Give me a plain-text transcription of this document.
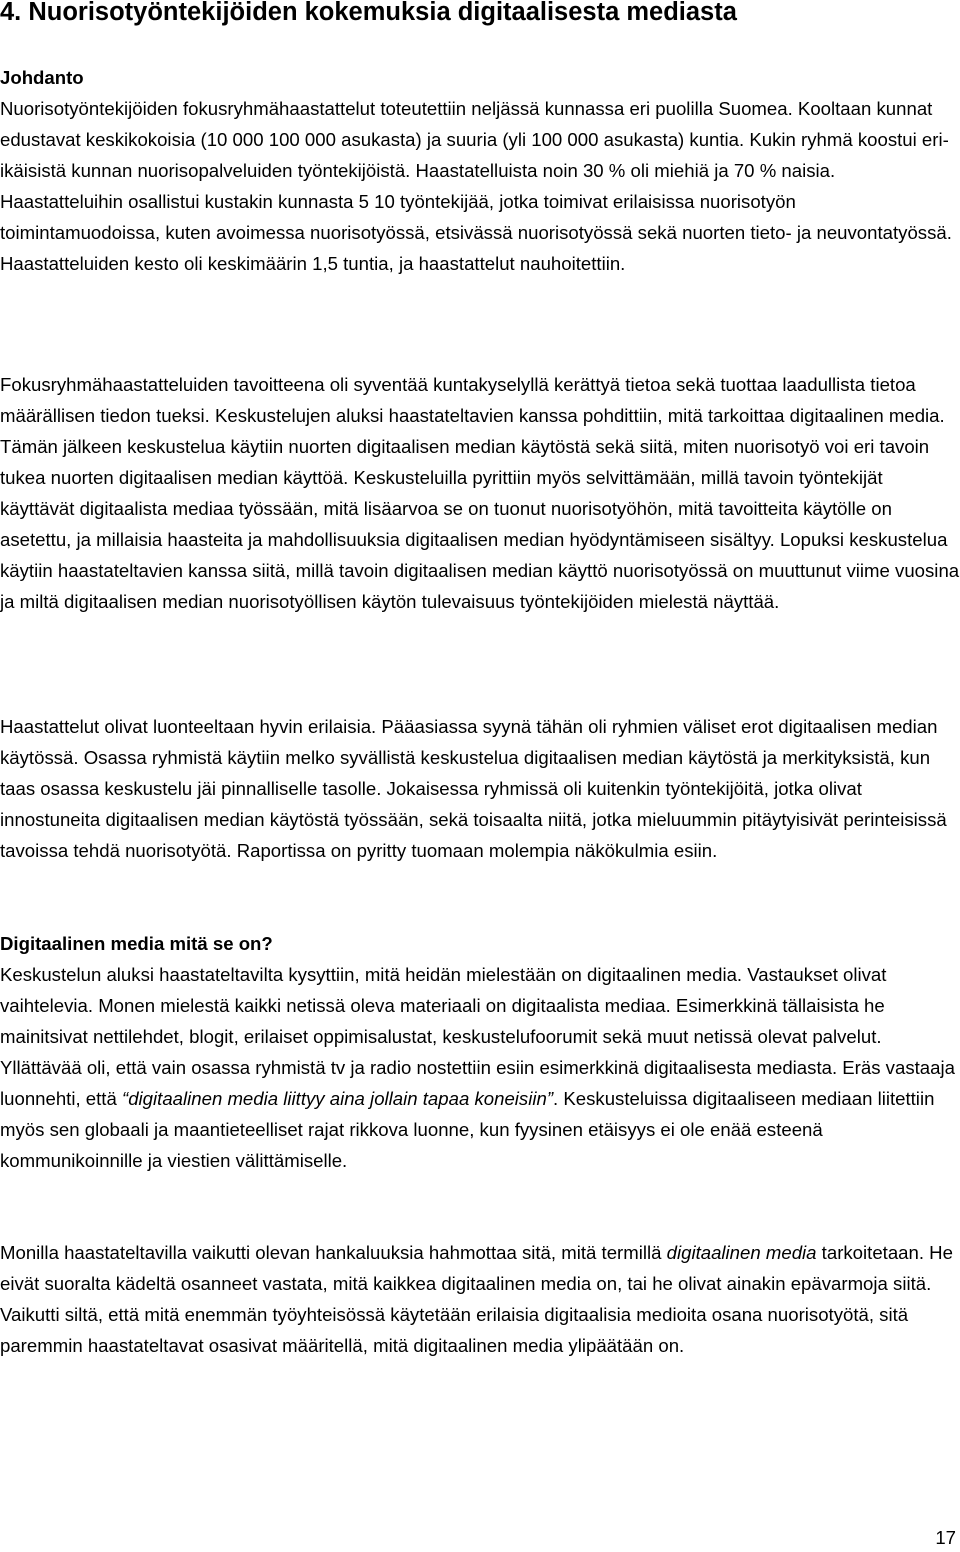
4. Nuorisotyöntekijöiden kokemuksia digitaalisesta mediasta
Johdanto

Nuorisotyöntekijöiden fokusryhmähaastattelut toteutettiin neljässä kunnassa eri puolilla Suomea. Kooltaan kunnat edustavat keskikokoisia (10 000 100 000 asukasta) ja suuria (yli 100 000 asukasta) kuntia. Kukin ryhmä koostui eri-ikäisistä kunnan nuorisopalveluiden työntekijöistä. Haastatelluista noin 30 % oli miehiä ja 70 % naisia. Haastatteluihin osallistui kustakin kunnasta 5 10 työntekijää, jotka toimivat erilaisissa nuorisotyön toimintamuodoissa, kuten avoimessa nuorisotyössä, etsivässä nuorisotyössä sekä nuorten tieto- ja neuvontatyössä. Haastatteluiden kesto oli keskimäärin 1,5 tuntia, ja haastattelut nauhoitettiin.

Fokusryhmähaastatteluiden tavoitteena oli syventää kuntakyselyllä kerättyä tietoa sekä tuottaa laadullista tietoa määrällisen tiedon tueksi. Keskustelujen aluksi haastateltavien kanssa pohdittiin, mitä tarkoittaa digitaalinen media. Tämän jälkeen keskustelua käytiin nuorten digitaalisen median käytöstä sekä siitä, miten nuorisotyö voi eri tavoin tukea nuorten digitaalisen median käyttöä. Keskusteluilla pyrittiin myös selvittämään, millä tavoin työntekijät käyttävät digitaalista mediaa työssään, mitä lisäarvoa se on tuonut nuorisotyöhön, mitä tavoitteita käytölle on asetettu, ja millaisia haasteita ja mahdollisuuksia digitaalisen median hyödyntämiseen sisältyy. Lopuksi keskustelua käytiin haastateltavien kanssa siitä, millä tavoin digitaalisen median käyttö nuorisotyössä on muuttunut viime vuosina ja miltä digitaalisen median nuorisotyöllisen käytön tulevaisuus työntekijöiden mielestä näyttää.

Haastattelut olivat luonteeltaan hyvin erilaisia. Pääasiassa syynä tähän oli ryhmien väliset erot digitaalisen median käytössä. Osassa ryhmistä käytiin melko syvällistä keskustelua digitaalisen median käytöstä ja merkityksistä, kun taas osassa keskustelu jäi pinnalliselle tasolle. Jokaisessa ryhmissä oli kuitenkin työntekijöitä, jotka olivat innostuneita digitaalisen median käytöstä työssään, sekä toisaalta niitä, jotka mieluummin pitäytyisivät perinteisissä tavoissa tehdä nuorisotyötä. Raportissa on pyritty tuomaan molempia näkökulmia esiin.

Digitaalinen media mitä se on?

Keskustelun aluksi haastateltavilta kysyttiin, mitä heidän mielestään on digitaalinen media. Vastaukset olivat vaihtelevia. Monen mielestä kaikki netissä oleva materiaali on digitaalista mediaa. Esimerkkinä tällaisista he mainitsivat nettilehdet, blogit, erilaiset oppimisalustat, keskustelufoorumit sekä muut netissä olevat palvelut. Yllättävää oli, että vain osassa ryhmistä tv ja radio nostettiin esiin esimerkkinä digitaalisesta mediasta. Eräs vastaaja luonnehti, että “digitaalinen media liittyy aina jollain tapaa koneisiin”. Keskusteluissa digitaaliseen mediaan liitettiin myös sen globaali ja maantieteelliset rajat rikkova luonne, kun fyysinen etäisyys ei ole enää esteenä kommunikoinnille ja viestien välittämiselle.

Monilla haastateltavilla vaikutti olevan hankaluuksia hahmottaa sitä, mitä termillä digitaalinen media tarkoitetaan. He eivät suoralta kädeltä osanneet vastata, mitä kaikkea digitaalinen media on, tai he olivat ainakin epävarmoja siitä. Vaikutti siltä, että mitä enemmän työyhteisössä käytetään erilaisia digitaalisia medioita osana nuorisotyötä, sitä paremmin haastateltavat osasivat määritellä, mitä digitaalinen media ylipäätään on.

17
